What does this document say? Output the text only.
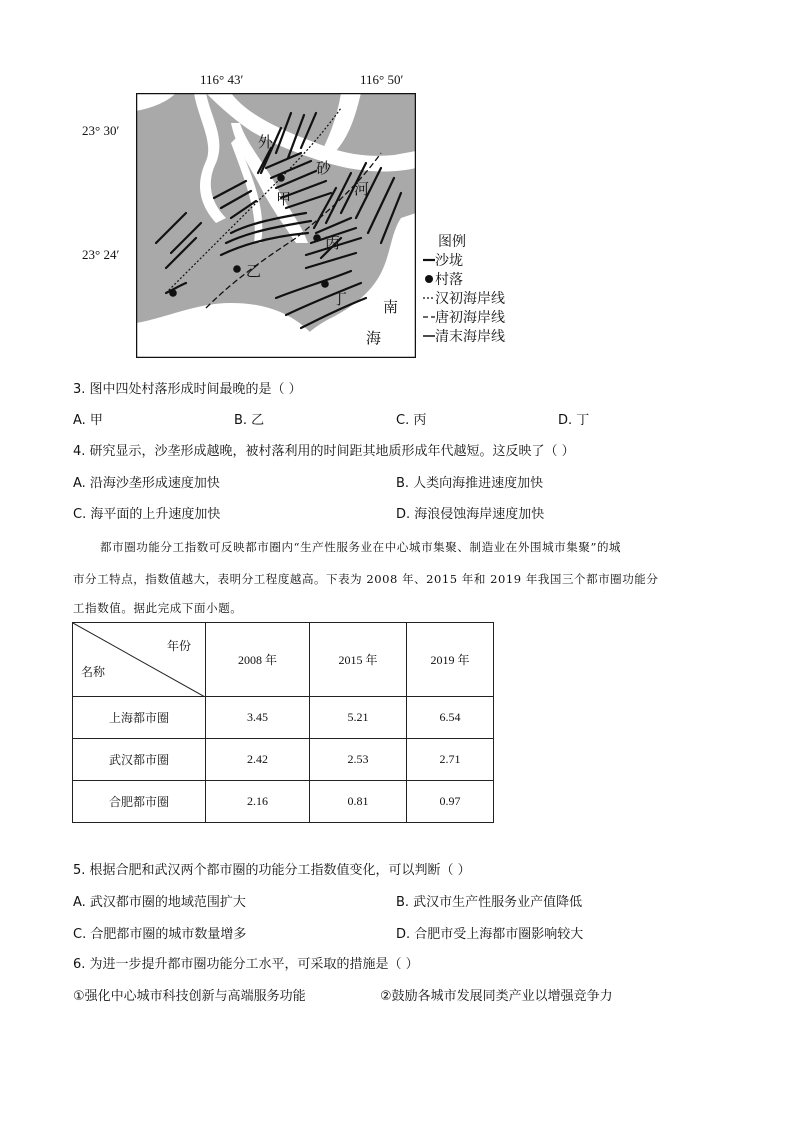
116° 43′	116° 50′
23° 30′
23° 24′
外
砂
河
甲
乙
丙
丁 南
海
图例
沙垅
村落
汉初海岸线
唐初海岸线
清末海岸线
3. 图中四处村落形成时间最晚的是（ ）
A. 甲	B. 乙	C. 丙	D. 丁
4. 研究显示，沙垄形成越晚，被村落利用的时间距其地质形成年代越短。这反映了（ ）
A. 沿海沙垄形成速度加快	B. 人类向海推进速度加快
C. 海平面的上升速度加快	D. 海浪侵蚀海岸速度加快
都市圈功能分工指数可反映都市圈内“生产性服务业在中心城市集聚、制造业在外围城市集聚”的城
市分工特点，指数值越大，表明分工程度越高。下表为 2008 年、2015 年和 2019 年我国三个都市圈功能分
工指数值。据此完成下面小题。
年份
名称	2008 年	2015 年	2019 年
上海都市圈	3.45	5.21	6.54
武汉都市圈	2.42	2.53	2.71
合肥都市圈	2.16	0.81	0.97
5. 根据合肥和武汉两个都市圈的功能分工指数值变化，可以判断（ ）
A. 武汉都市圈的地域范围扩大	B. 武汉市生产性服务业产值降低
C. 合肥都市圈的城市数量增多	D. 合肥市受上海都市圈影响较大
6. 为进一步提升都市圈功能分工水平，可采取的措施是（ ）
①强化中心城市科技创新与高端服务功能	②鼓励各城市发展同类产业以增强竞争力
